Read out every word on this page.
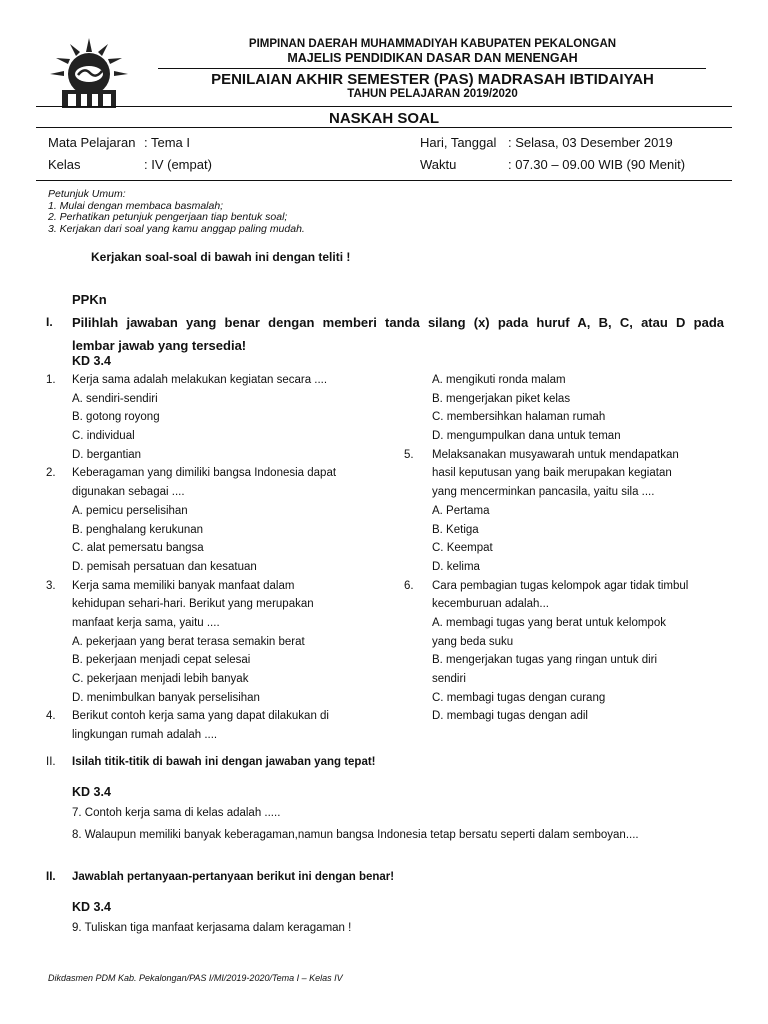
PIMPINAN DAERAH MUHAMMADIYAH KABUPATEN PEKALONGAN
MAJELIS PENDIDIKAN DASAR DAN MENENGAH
PENILAIAN AKHIR SEMESTER (PAS) MADRASAH IBTIDAIYAH
TAHUN PELAJARAN 2019/2020
NASKAH SOAL
Mata Pelajaran : Tema I
Kelas	: IV (empat)
Hari, Tanggal : Selasa, 03 Desember 2019
Waktu	: 07.30 – 09.00 WIB (90 Menit)
Petunjuk Umum:
1. Mulai dengan membaca basmalah;
2. Perhatikan petunjuk pengerjaan tiap bentuk soal;
3. Kerjakan dari soal yang kamu anggap paling mudah.
Kerjakan soal-soal di bawah ini dengan teliti !
PPKn
I. Pilihlah jawaban yang benar dengan memberi tanda silang (x) pada huruf A, B, C, atau D pada
lembar jawab yang tersedia!
KD 3.4
1. Kerja sama adalah melakukan kegiatan secara ....
A. sendiri-sendiri
B. gotong royong
C. individual
D. bergantian
2. Keberagaman yang dimiliki bangsa Indonesia dapat
digunakan sebagai ....
A. pemicu perselisihan
B. penghalang kerukunan
C. alat pemersatu bangsa
D. pemisah persatuan dan kesatuan
3. Kerja sama memiliki banyak manfaat dalam
kehidupan sehari-hari. Berikut yang merupakan
manfaat kerja sama, yaitu ....
A. pekerjaan yang berat terasa semakin berat
B. pekerjaan menjadi cepat selesai
C. pekerjaan menjadi lebih banyak
D. menimbulkan banyak perselisihan
4. Berikut contoh kerja sama yang dapat dilakukan di
lingkungan rumah adalah ....
A. mengikuti ronda malam
B. mengerjakan piket kelas
C. membersihkan halaman rumah
D. mengumpulkan dana untuk teman
5. Melaksanakan musyawarah untuk mendapatkan
hasil keputusan yang baik merupakan kegiatan
yang mencerminkan pancasila, yaitu sila ....
A. Pertama
B. Ketiga
C. Keempat
D. kelima
6. Cara pembagian tugas kelompok agar tidak timbul
kecemburuan adalah...
A. membagi tugas yang berat untuk kelompok
yang beda suku
B. mengerjakan tugas yang ringan untuk diri
sendiri
C. membagi tugas dengan curang
D. membagi tugas dengan adil
II. Isilah titik-titik di bawah ini dengan jawaban yang tepat!
KD 3.4
7. Contoh kerja sama di kelas adalah .....
8. Walaupun memiliki banyak keberagaman,namun bangsa Indonesia tetap bersatu seperti dalam semboyan....
II. Jawablah pertanyaan-pertanyaan berikut ini dengan benar!
KD 3.4
9. Tuliskan tiga manfaat kerjasama dalam keragaman !
Dikdasmen PDM Kab. Pekalongan/PAS I/MI/2019-2020/Tema I – Kelas IV
